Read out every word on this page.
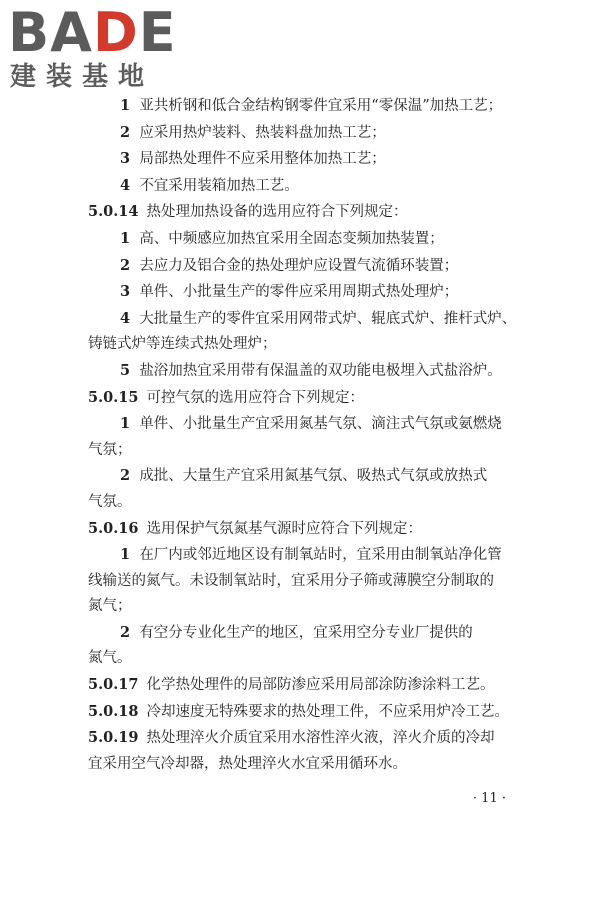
BADE
建装基地
1 亚共析钢和低合金结构钢零件宜采用“零保温”加热工艺；
2 应采用热炉装料、热装料盘加热工艺；
3 局部热处理件不应采用整体加热工艺；
4 不宜采用装箱加热工艺。
5.0.14 热处理加热设备的选用应符合下列规定：
1 高、中频感应加热宜采用全固态变频加热装置；
2 去应力及铝合金的热处理炉应设置气流循环装置；
3 单件、小批量生产的零件应采用周期式热处理炉；
4 大批量生产的零件宜采用网带式炉、辊底式炉、推杆式炉、
铸链式炉等连续式热处理炉；
5 盐浴加热宜采用带有保温盖的双功能电极埋入式盐浴炉。
5.0.15 可控气氛的选用应符合下列规定：
1 单件、小批量生产宜采用氮基气氛、滴注式气氛或氨燃烧
气氛；
2 成批、大量生产宜采用氮基气氛、吸热式气氛或放热式
气氛。
5.0.16 选用保护气氛氮基气源时应符合下列规定：
1 在厂内或邻近地区设有制氧站时，宜采用由制氧站净化管
线输送的氮气。未设制氧站时，宜采用分子筛或薄膜空分制取的
氮气；
2 有空分专业化生产的地区，宜采用空分专业厂提供的
氮气。
5.0.17 化学热处理件的局部防渗应采用局部涂防渗涂料工艺。
5.0.18 冷却速度无特殊要求的热处理工件，不应采用炉冷工艺。
5.0.19 热处理淬火介质宜采用水溶性淬火液，淬火介质的冷却
宜采用空气冷却器，热处理淬火水宜采用循环水。
· 11 ·
